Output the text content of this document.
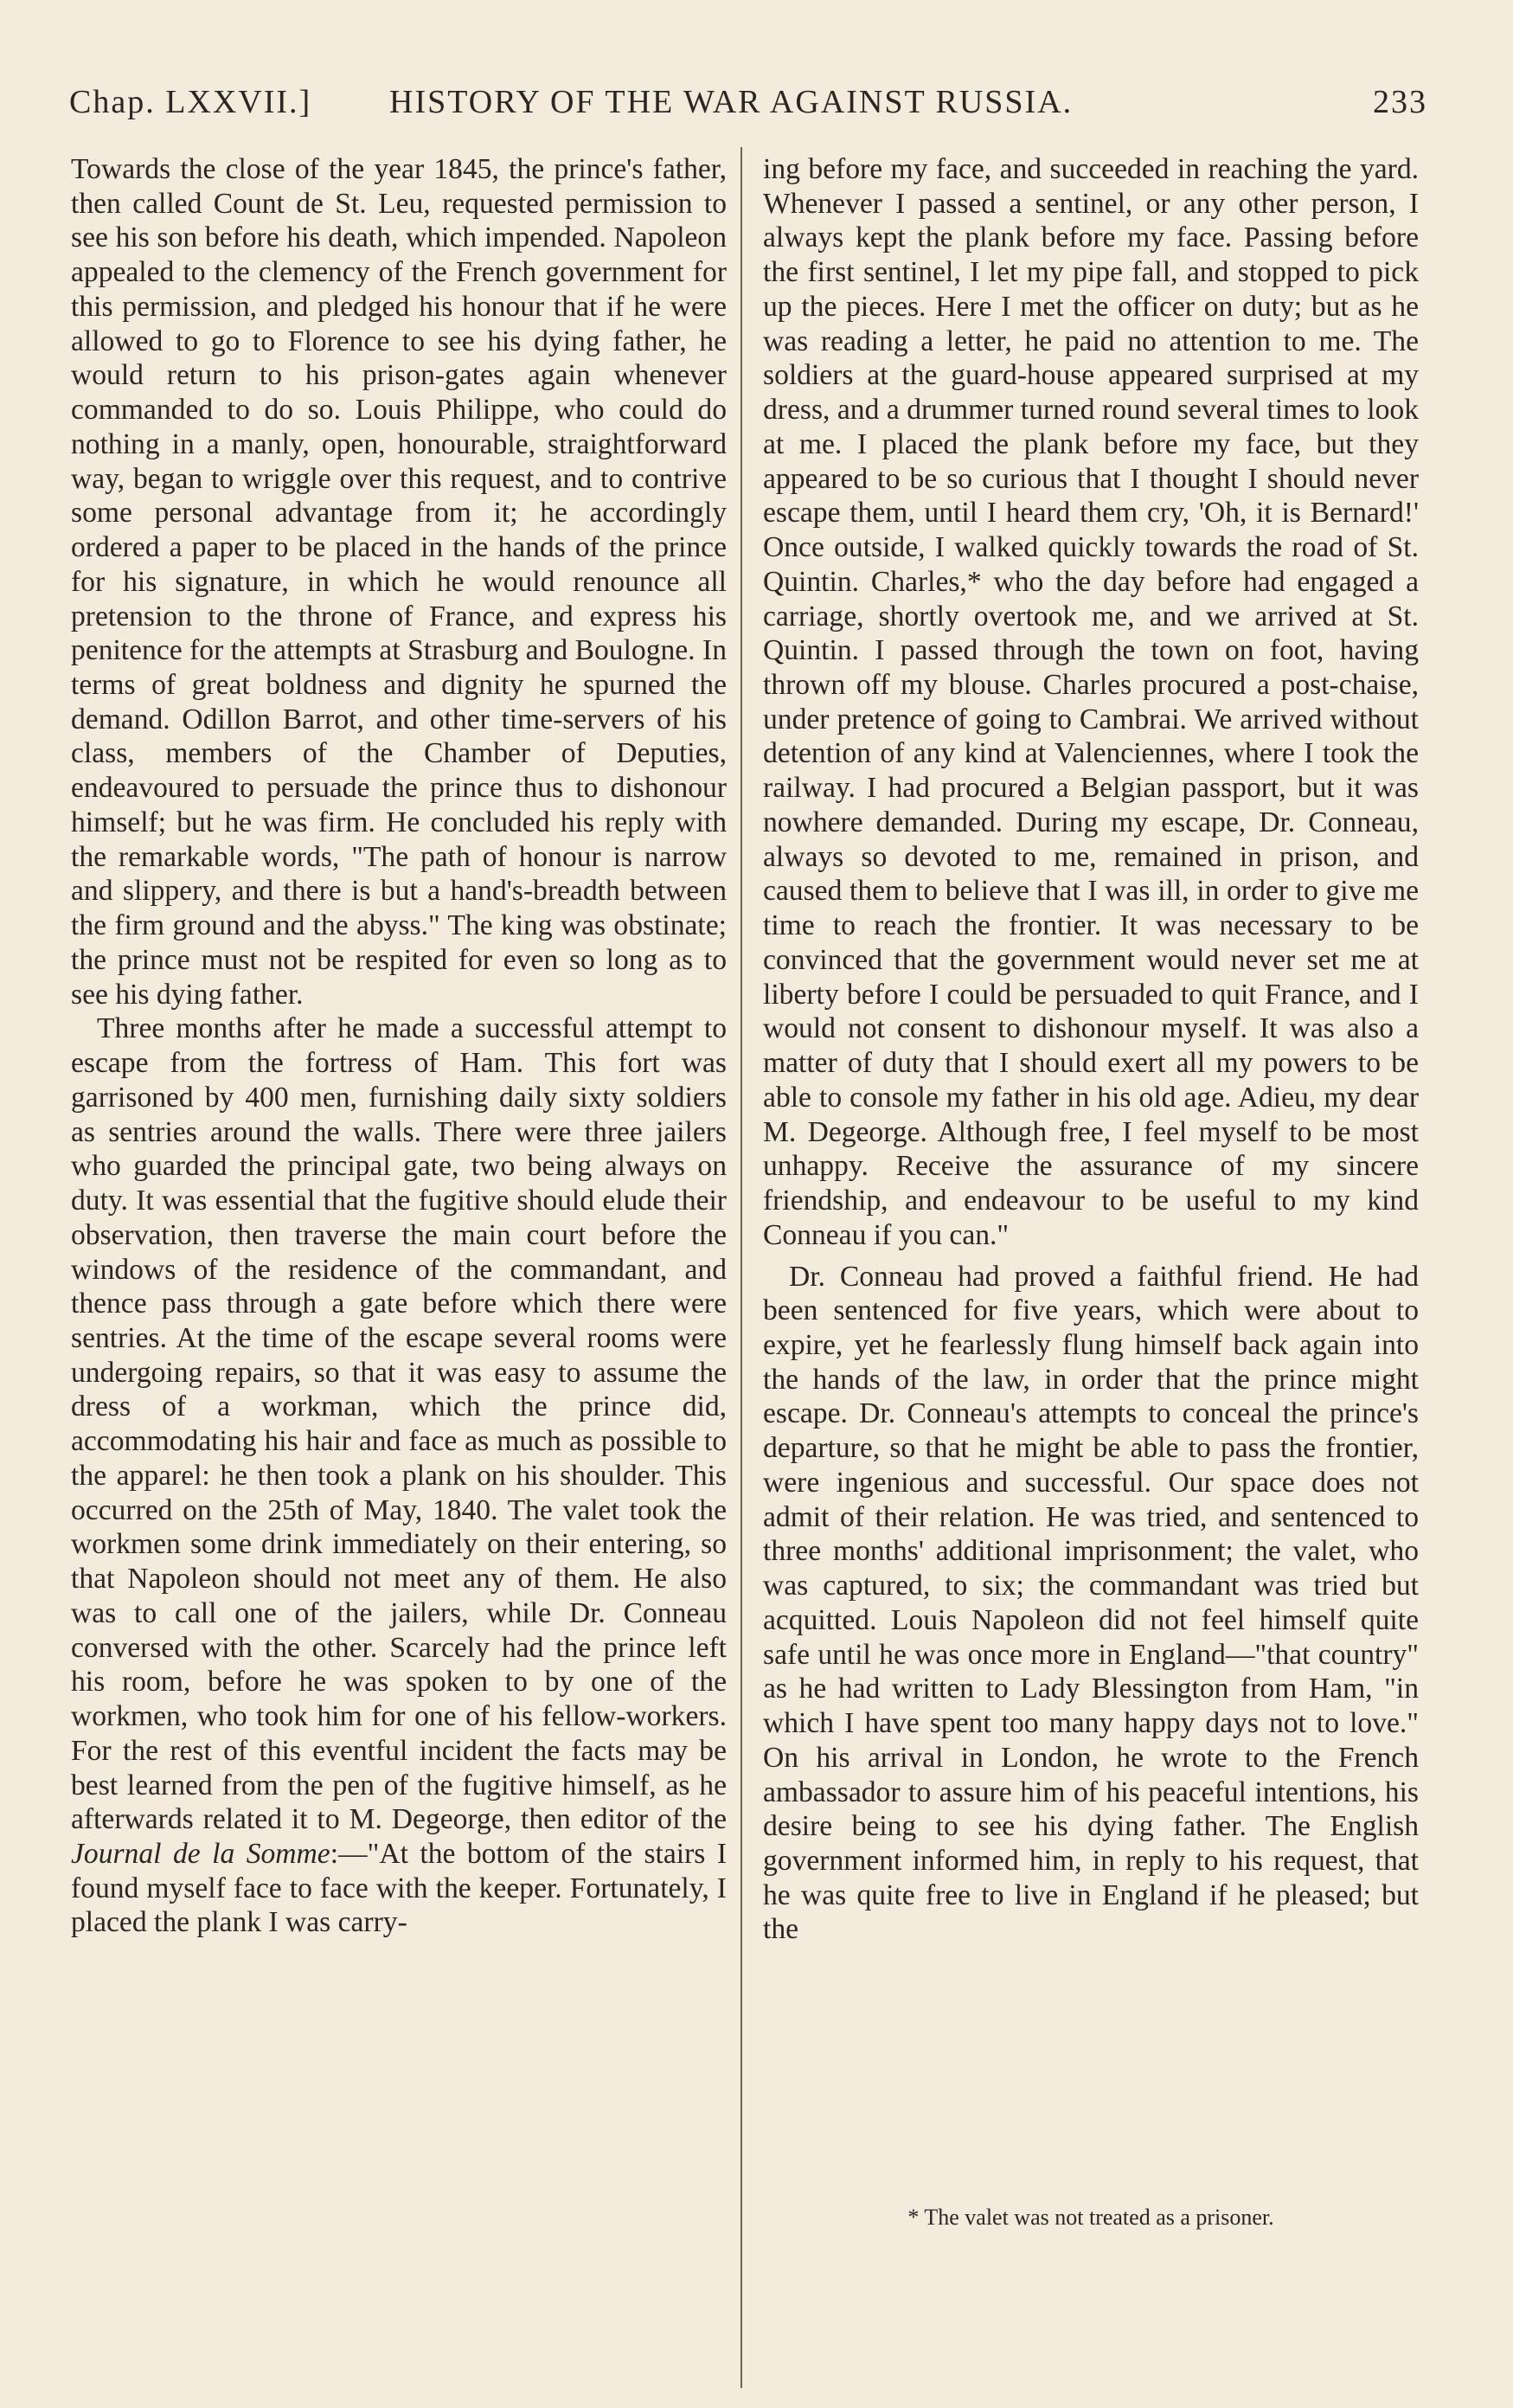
Chap. LXXVII.] HISTORY OF THE WAR AGAINST RUSSIA.	233

Towards the close of the year 1845, the prince's father, then called Count de St. Leu, requested permission to see his son before his death, which impended. Napoleon appealed to the clemency of the French government for this permission, and pledged his honour that if he were allowed to go to Florence to see his dying father, he would return to his prison-gates again whenever commanded to do so. Louis Philippe, who could do nothing in a manly, open, honourable, straightforward way, began to wriggle over this request, and to contrive some personal advantage from it; he accordingly ordered a paper to be placed in the hands of the prince for his signature, in which he would renounce all pretension to the throne of France, and express his penitence for the attempts at Strasburg and Boulogne. In terms of great boldness and dignity he spurned the demand. Odillon Barrot, and other time-servers of his class, members of the Chamber of Deputies, endeavoured to persuade the prince thus to dishonour himself; but he was firm. He concluded his reply with the remarkable words, "The path of honour is narrow and slippery, and there is but a hand's-breadth between the firm ground and the abyss." The king was obstinate; the prince must not be respited for even so long as to see his dying father.

Three months after he made a successful attempt to escape from the fortress of Ham. This fort was garrisoned by 400 men, furnishing daily sixty soldiers as sentries around the walls. There were three jailers who guarded the principal gate, two being always on duty. It was essential that the fugitive should elude their observation, then traverse the main court before the windows of the residence of the commandant, and thence pass through a gate before which there were sentries. At the time of the escape several rooms were undergoing repairs, so that it was easy to assume the dress of a workman, which the prince did, accommodating his hair and face as much as possible to the apparel: he then took a plank on his shoulder. This occurred on the 25th of May, 1840. The valet took the workmen some drink immediately on their entering, so that Napoleon should not meet any of them. He also was to call one of the jailers, while Dr. Conneau conversed with the other. Scarcely had the prince left his room, before he was spoken to by one of the workmen, who took him for one of his fellow-workers. For the rest of this eventful incident the facts may be best learned from the pen of the fugitive himself, as he afterwards related it to M. Degeorge, then editor of the Journal de la Somme:—"At the bottom of the stairs I found myself face to face with the keeper. Fortunately, I placed the plank I was carry-

ing before my face, and succeeded in reaching the yard. Whenever I passed a sentinel, or any other person, I always kept the plank before my face. Passing before the first sentinel, I let my pipe fall, and stopped to pick up the pieces. Here I met the officer on duty; but as he was reading a letter, he paid no attention to me. The soldiers at the guard-house appeared surprised at my dress, and a drummer turned round several times to look at me. I placed the plank before my face, but they appeared to be so curious that I thought I should never escape them, until I heard them cry, 'Oh, it is Bernard!' Once outside, I walked quickly towards the road of St. Quintin. Charles,* who the day before had engaged a carriage, shortly overtook me, and we arrived at St. Quintin. I passed through the town on foot, having thrown off my blouse. Charles procured a post-chaise, under pretence of going to Cambrai. We arrived without detention of any kind at Valenciennes, where I took the railway. I had procured a Belgian passport, but it was nowhere demanded. During my escape, Dr. Conneau, always so devoted to me, remained in prison, and caused them to believe that I was ill, in order to give me time to reach the frontier. It was necessary to be convinced that the government would never set me at liberty before I could be persuaded to quit France, and I would not consent to dishonour myself. It was also a matter of duty that I should exert all my powers to be able to console my father in his old age. Adieu, my dear M. Degeorge. Although free, I feel myself to be most unhappy. Receive the assurance of my sincere friendship, and endeavour to be useful to my kind Conneau if you can."

Dr. Conneau had proved a faithful friend. He had been sentenced for five years, which were about to expire, yet he fearlessly flung himself back again into the hands of the law, in order that the prince might escape. Dr. Conneau's attempts to conceal the prince's departure, so that he might be able to pass the frontier, were ingenious and successful. Our space does not admit of their relation. He was tried, and sentenced to three months' additional imprisonment; the valet, who was captured, to six; the commandant was tried but acquitted. Louis Napoleon did not feel himself quite safe until he was once more in England—"that country" as he had written to Lady Blessington from Ham, "in which I have spent too many happy days not to love." On his arrival in London, he wrote to the French ambassador to assure him of his peaceful intentions, his desire being to see his dying father. The English government informed him, in reply to his request, that he was quite free to live in England if he pleased; but the

* The valet was not treated as a prisoner.
